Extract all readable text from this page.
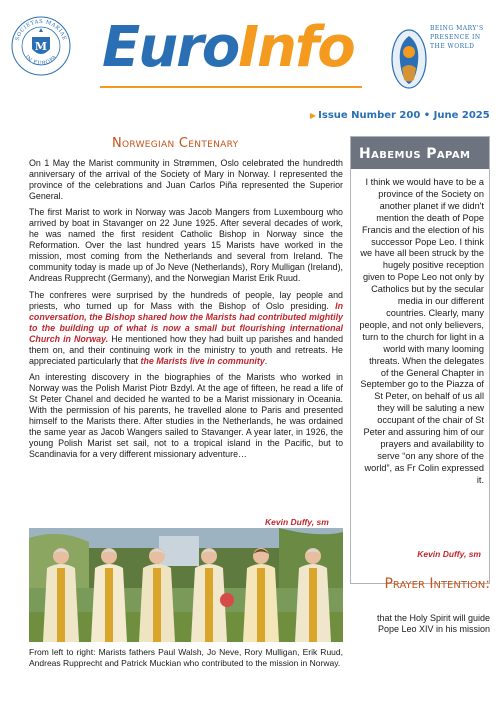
SOCIETAS MARIAE
IN EUROPA
M EuroInfo	BEING MARY'S PRESENCE IN THE WORLD
▶ Issue Number 200 • June 2025
Norwegian Centenary

On 1 May the Marist community in Strømmen, Oslo celebrated the hundredth anniversary of the arrival of the Society of Mary in Norway. I represented the province of the celebrations and Juan Carlos Piña represented the Superior General.

The first Marist to work in Norway was Jacob Mangers from Luxembourg who arrived by boat in Stavanger on 22 June 1925. After several decades of work, he was named the first resident Catholic Bishop in Norway since the Reformation. Over the last hundred years 15 Marists have worked in the mission, most coming from the Netherlands and several from Ireland. The community today is made up of Jo Neve (Netherlands), Rory Mulligan (Ireland), Andreas Rupprecht (Germany), and the Norwegian Marist Erik Ruud.

The confreres were surprised by the hundreds of people, lay people and priests, who turned up for Mass with the Bishop of Oslo presiding. In conversation, the Bishop shared how the Marists had contributed mightily to the building up of what is now a small but flourishing international Church in Norway. He mentioned how they had built up parishes and handed them on, and their continuing work in the ministry to youth and retreats. He appreciated particularly that the Marists live in community.

An interesting discovery in the biographies of the Marists who worked in Norway was the Polish Marist Piotr Bzdyl. At the age of fifteen, he read a life of St Peter Chanel and decided he wanted to be a Marist missionary in Oceania. With the permission of his parents, he travelled alone to Paris and presented himself to the Marists there. After studies in the Netherlands, he was ordained the same year as Jacob Wangers sailed to Stavanger. A year later, in 1926, the young Polish Marist set sail, not to a tropical island in the Pacific, but to Scandinavia for a very different missionary adventure…

Kevin Duffy, sm
From left to right: Marists fathers Paul Walsh, Jo Neve, Rory Mulligan, Erik Ruud, Andreas Rupprecht and Patrick Muckian who contributed to the mission in Norway.
Habemus Papam
I think we would have to be a province of the Society on another planet if we didn't mention the death of Pope Francis and the election of his successor Pope Leo. I think we have all been struck by the hugely positive reception given to Pope Leo not only by Catholics but by the secular media in our different countries. Clearly, many people, and not only believers, turn to the church for light in a world with many looming threats. When the delegates of the General Chapter in September go to the Piazza of St Peter, on behalf of us all they will be saluting a new occupant of the chair of St Peter and assuring him of our prayers and availability to serve “on any shore of the world”, as Fr Colin expressed it.
Kevin Duffy, sm
Prayer Intention:
that the Holy Spirit will guide Pope Leo XIV in his mission
